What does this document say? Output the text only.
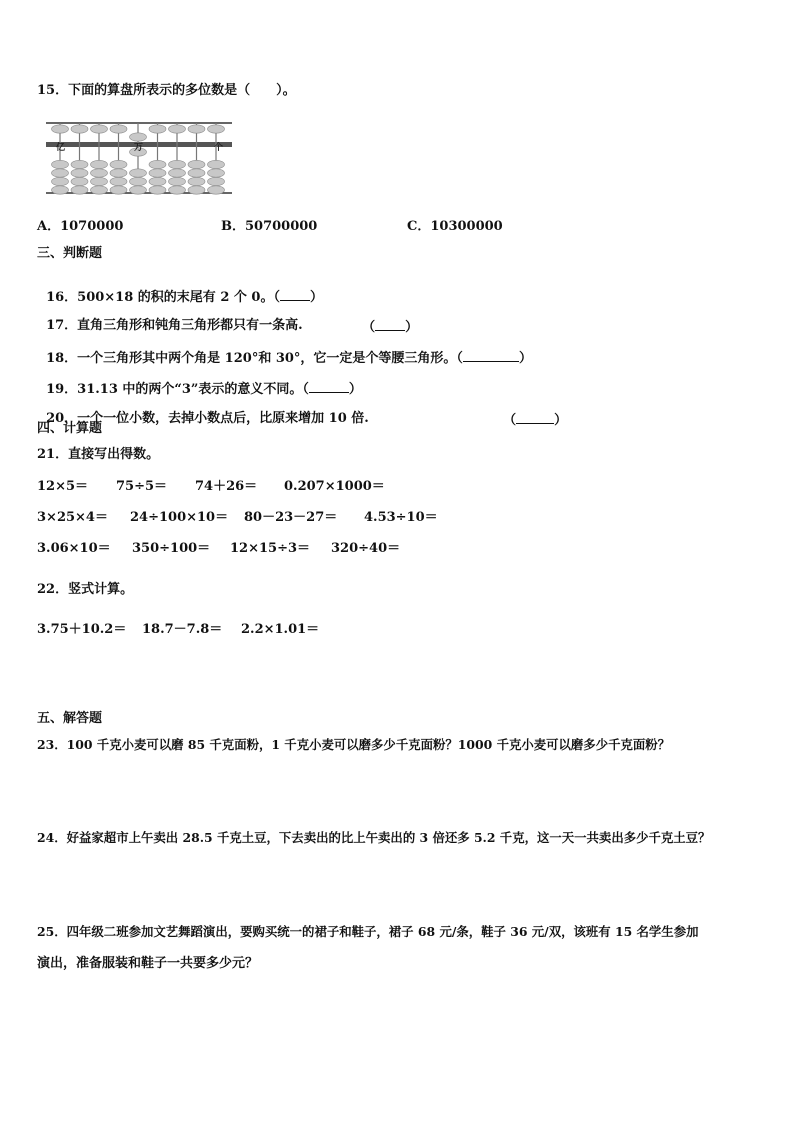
15．下面的算盘所表示的多位数是（　　）。
亿	万	个
A．1070000	B．50700000	C．10300000
三、判断题

16．500×18 的积的末尾有 2 个 0。（ ）

17．直角三角形和钝角三角形都只有一条高.	（ ）

18．一个三角形其中两个角是 120°和 30°，它一定是个等腰三角形。（	）

19．31.13 中的两个“3”表示的意义不同。（	）

20．一个一位小数，去掉小数点后，比原来增加 10 倍.	（	）

四、计算题
21．直接写出得数。
12×5＝ 75÷5＝ 74＋26＝ 0.207×1000＝
3×25×4＝ 24÷100×10＝ 80－23－27＝ 4.53÷10＝
3.06×10＝ 350÷100＝ 12×15÷3＝ 320÷40＝
22．竖式计算。
3.75＋10.2＝ 18.7－7.8＝ 2.2×1.01＝
五、解答题
23．100 千克小麦可以磨 85 千克面粉，1 千克小麦可以磨多少千克面粉？1000 千克小麦可以磨多少千克面粉？
24．好益家超市上午卖出 28.5 千克土豆，下去卖出的比上午卖出的 3 倍还多 5.2 千克，这一天一共卖出多少千克土豆？
25．四年级二班参加文艺舞蹈演出，要购买统一的裙子和鞋子，裙子 68 元/条，鞋子 36 元/双，该班有 15 名学生参加
演出，准备服装和鞋子一共要多少元？
